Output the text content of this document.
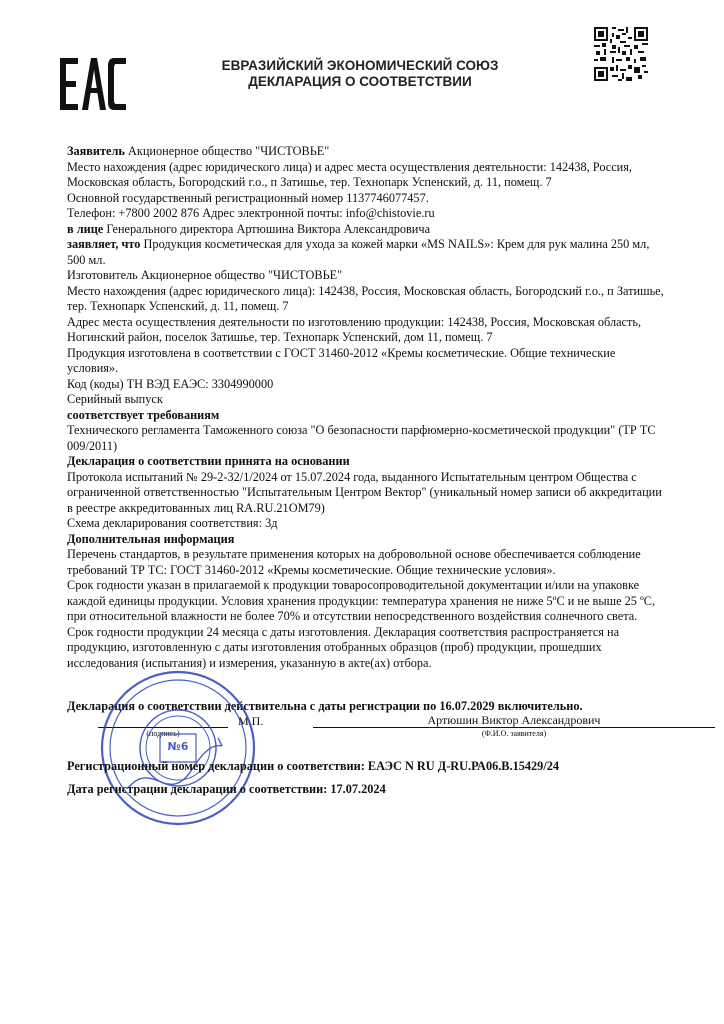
ЕВРАЗИЙСКИЙ ЭКОНОМИЧЕСКИЙ СОЮЗ
ДЕКЛАРАЦИЯ О СООТВЕТСТВИИ

Заявитель Акционерное общество "ЧИСТОВЬЕ"

Место нахождения (адрес юридического лица) и адрес места осуществления деятельности: 142438, Россия, Московская область, Богородский г.о., п Затишье, тер. Технопарк Успенский, д. 11, помещ. 7

Основной государственный регистрационный номер 1137746077457.

Телефон: +7800 2002 876 Адрес электронной почты: info@chistovie.ru

в лице Генерального директора Артюшина Виктора Александровича

заявляет, что Продукция косметическая для ухода за кожей марки «MS NAILS»: Крем для рук малина 250 мл, 500 мл.

Изготовитель Акционерное общество "ЧИСТОВЬЕ"

Место нахождения (адрес юридического лица): 142438, Россия, Московская область, Богородский г.о., п Затишье, тер. Технопарк Успенский, д. 11, помещ. 7

Адрес места осуществления деятельности по изготовлению продукции: 142438, Россия, Московская область, Ногинский район, поселок Затишье, тер. Технопарк Успенский, дом 11, помещ. 7

Продукция изготовлена в соответствии с ГОСТ 31460-2012 «Кремы косметические. Общие технические условия».

Код (коды) ТН ВЭД ЕАЭС: 3304990000

Серийный выпуск

соответствует требованиям

Технического регламента Таможенного союза "О безопасности парфюмерно-косметической продукции" (ТР ТС 009/2011)

Декларация о соответствии принята на основании

Протокола испытаний № 29-2-32/1/2024 от 15.07.2024 года, выданного Испытательным центром Общества с ограниченной ответственностью "Испытательным Центром Вектор" (уникальный номер записи об аккредитации в реестре аккредитованных лиц RA.RU.21ОМ79)

Схема декларирования соответствия: 3д

Дополнительная информация

Перечень стандартов, в результате применения которых на добровольной основе обеспечивается соблюдение требований ТР ТС: ГОСТ 31460-2012 «Кремы косметические. Общие технические условия».

Срок годности указан в прилагаемой к продукции товаросопроводительной документации и/или на упаковке каждой единицы продукции. Условия хранения продукции: температура хранения не ниже 5ºС и не выше 25 ºС, при относительной влажности не более 70% и отсутствии непосредственного воздействия солнечного света.

Срок годности продукции 24 месяца с даты изготовления. Декларация соответствия распространяется на продукцию, изготовленную с даты изготовления отобранных образцов (проб) продукции, прошедших исследования (испытания) и измерения, указанную в акте(ах) отбора.

Декларация о соответствии действительна с даты регистрации по 16.07.2029 включительно.
(подпись)
М.П.	Артюшин Виктор Александрович
(Ф.И.О. заявителя)
№6
Регистрационный номер декларации о соответствии: ЕАЭС N RU Д-RU.РА06.В.15429/24
Дата регистрации декларации о соответствии: 17.07.2024
